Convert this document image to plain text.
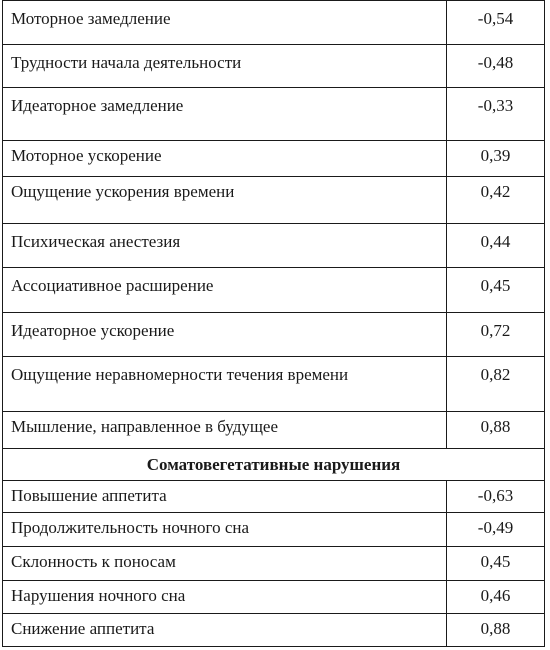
Моторное замедление	-0,54
Трудности начала деятельности	-0,48
Идеаторное замедление	-0,33
Моторное ускорение	0,39
Ощущение ускорения времени	0,42
Психическая анестезия	0,44
Ассоциативное расширение	0,45
Идеаторное ускорение	0,72
Ощущение неравномерности течения времени	0,82
Мышление, направленное в будущее	0,88
Соматовегетативные нарушения	
Повышение аппетита	-0,63
Продолжительность ночного сна	-0,49
Склонность к поносам	0,45
Нарушения ночного сна	0,46
Снижение аппетита	0,88
